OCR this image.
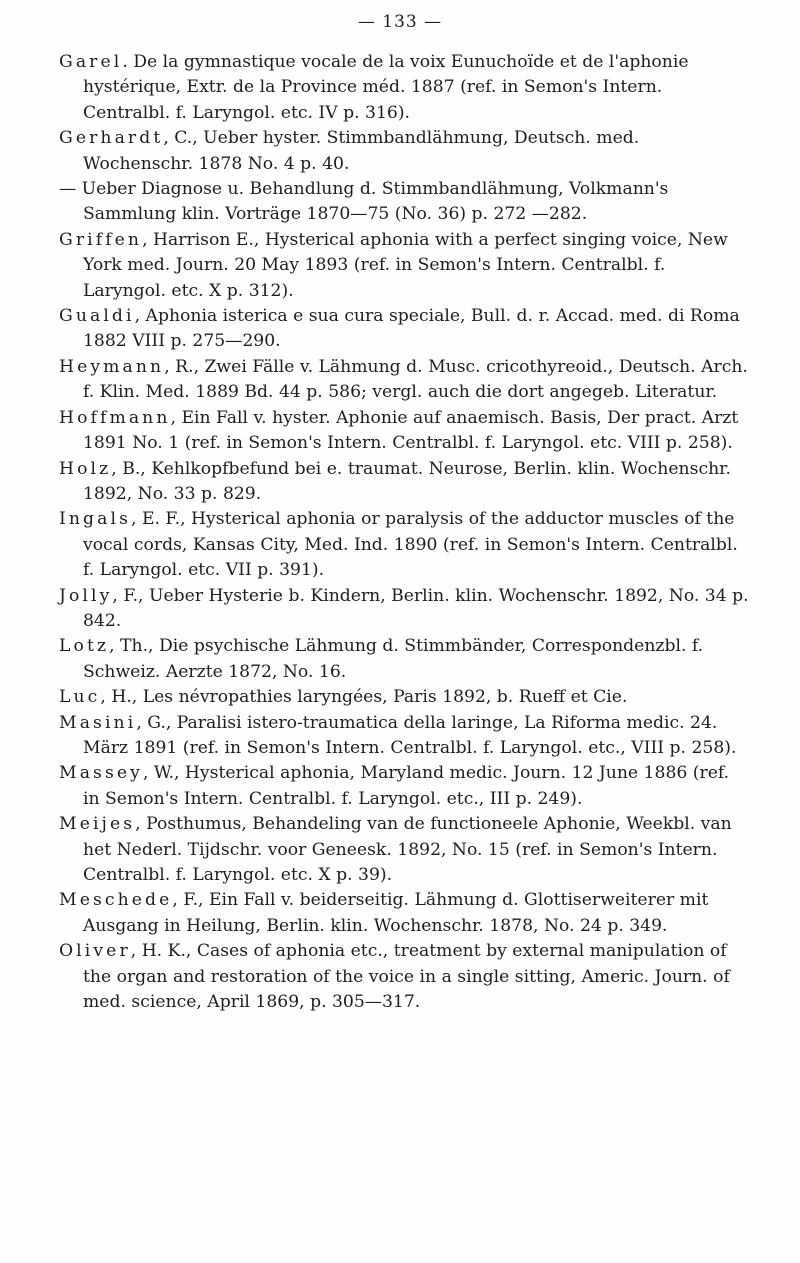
— 133 —
Garel. De la gymnastique vocale de la voix Eunuchoïde et de l'aphonie hystérique, Extr. de la Province méd. 1887 (ref. in Semon's Intern. Centralbl. f. Laryngol. etc. IV p. 316).
Gerhardt, C., Ueber hyster. Stimmbandlähmung, Deutsch. med. Wochenschr. 1878 No. 4 p. 40.
— Ueber Diagnose u. Behandlung d. Stimmbandlähmung, Volkmann's Sammlung klin. Vorträge 1870—75 (No. 36) p. 272 —282.
Griffen, Harrison E., Hysterical aphonia with a perfect singing voice, New York med. Journ. 20 May 1893 (ref. in Semon's Intern. Centralbl. f. Laryngol. etc. X p. 312).
Gualdi, Aphonia isterica e sua cura speciale, Bull. d. r. Accad. med. di Roma 1882 VIII p. 275—290.
Heymann, R., Zwei Fälle v. Lähmung d. Musc. cricothyreoid., Deutsch. Arch. f. Klin. Med. 1889 Bd. 44 p. 586; vergl. auch die dort angegeb. Literatur.
Hoffmann, Ein Fall v. hyster. Aphonie auf anaemisch. Basis, Der pract. Arzt 1891 No. 1 (ref. in Semon's Intern. Centralbl. f. Laryngol. etc. VIII p. 258).
Holz, B., Kehlkopfbefund bei e. traumat. Neurose, Berlin. klin. Wochenschr. 1892, No. 33 p. 829.
Ingals, E. F., Hysterical aphonia or paralysis of the adductor muscles of the vocal cords, Kansas City, Med. Ind. 1890 (ref. in Semon's Intern. Centralbl. f. Laryngol. etc. VII p. 391).
Jolly, F., Ueber Hysterie b. Kindern, Berlin. klin. Wochenschr. 1892, No. 34 p. 842.
Lotz, Th., Die psychische Lähmung d. Stimmbänder, Correspondenzbl. f. Schweiz. Aerzte 1872, No. 16.
Luc, H., Les névropathies laryngées, Paris 1892, b. Rueff et Cie.
Masini, G., Paralisi istero-traumatica della laringe, La Riforma medic. 24. März 1891 (ref. in Semon's Intern. Centralbl. f. Laryngol. etc., VIII p. 258).
Massey, W., Hysterical aphonia, Maryland medic. Journ. 12 June 1886 (ref. in Semon's Intern. Centralbl. f. Laryngol. etc., III p. 249).
Meijes, Posthumus, Behandeling van de functioneele Aphonie, Weekbl. van het Nederl. Tijdschr. voor Geneesk. 1892, No. 15 (ref. in Semon's Intern. Centralbl. f. Laryngol. etc. X p. 39).
Meschede, F., Ein Fall v. beiderseitig. Lähmung d. Glottiserweiterer mit Ausgang in Heilung, Berlin. klin. Wochenschr. 1878, No. 24 p. 349.
Oliver, H. K., Cases of aphonia etc., treatment by external manipulation of the organ and restoration of the voice in a single sitting, Americ. Journ. of med. science, April 1869, p. 305—317.
